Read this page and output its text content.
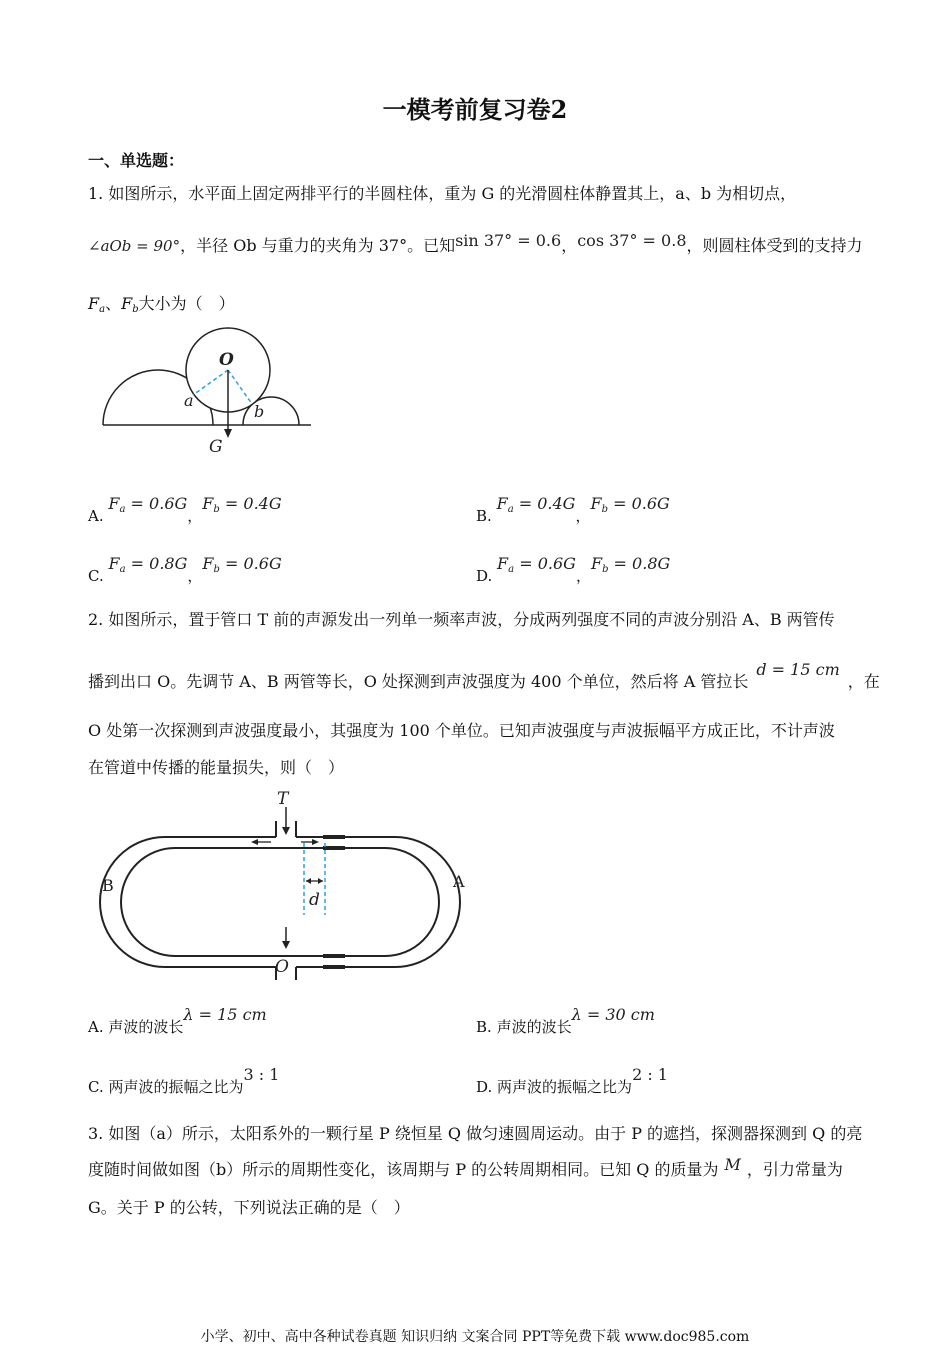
一模考前复习卷2
一、单选题：
1. 如图所示，水平面上固定两排平行的半圆柱体，重为 G 的光滑圆柱体静置其上，a、b 为相切点，
∠aOb = 90°，半径 Ob 与重力的夹角为 37°。已知sin 37° = 0.6，cos 37° = 0.8，则圆柱体受到的支持力
$F_a$、$F_b$大小为（　）
O
a
b
G
A. $F_a = 0.6G$，$F_b = 0.4G$
B. $F_a = 0.4G$，$F_b = 0.6G$
C. $F_a = 0.8G$，$F_b = 0.6G$
D. $F_a = 0.6G$，$F_b = 0.8G$
2. 如图所示，置于管口 T 前的声源发出一列单一频率声波，分成两列强度不同的声波分别沿 A、B 两管传
播到出口 O。先调节 A、B 两管等长，O 处探测到声波强度为 400 个单位，然后将 A 管拉长d = 15 cm，在
O 处第一次探测到声波强度最小，其强度为 100 个单位。已知声波强度与声波振幅平方成正比，不计声波
在管道中传播的能量损失，则（　）
T
O
A
B
d
A. 声波的波长λ = 15 cm
B. 声波的波长λ = 30 cm
C. 两声波的振幅之比为3 : 1
D. 两声波的振幅之比为2 : 1
3. 如图（a）所示，太阳系外的一颗行星 P 绕恒星 Q 做匀速圆周运动。由于 P 的遮挡，探测器探测到 Q 的亮
度随时间做如图（b）所示的周期性变化，该周期与 P 的公转周期相同。已知 Q 的质量为 M ，引力常量为
G。关于 P 的公转，下列说法正确的是（　）
小学、初中、高中各种试卷真题 知识归纳 文案合同 PPT等免费下载 www.doc985.com
